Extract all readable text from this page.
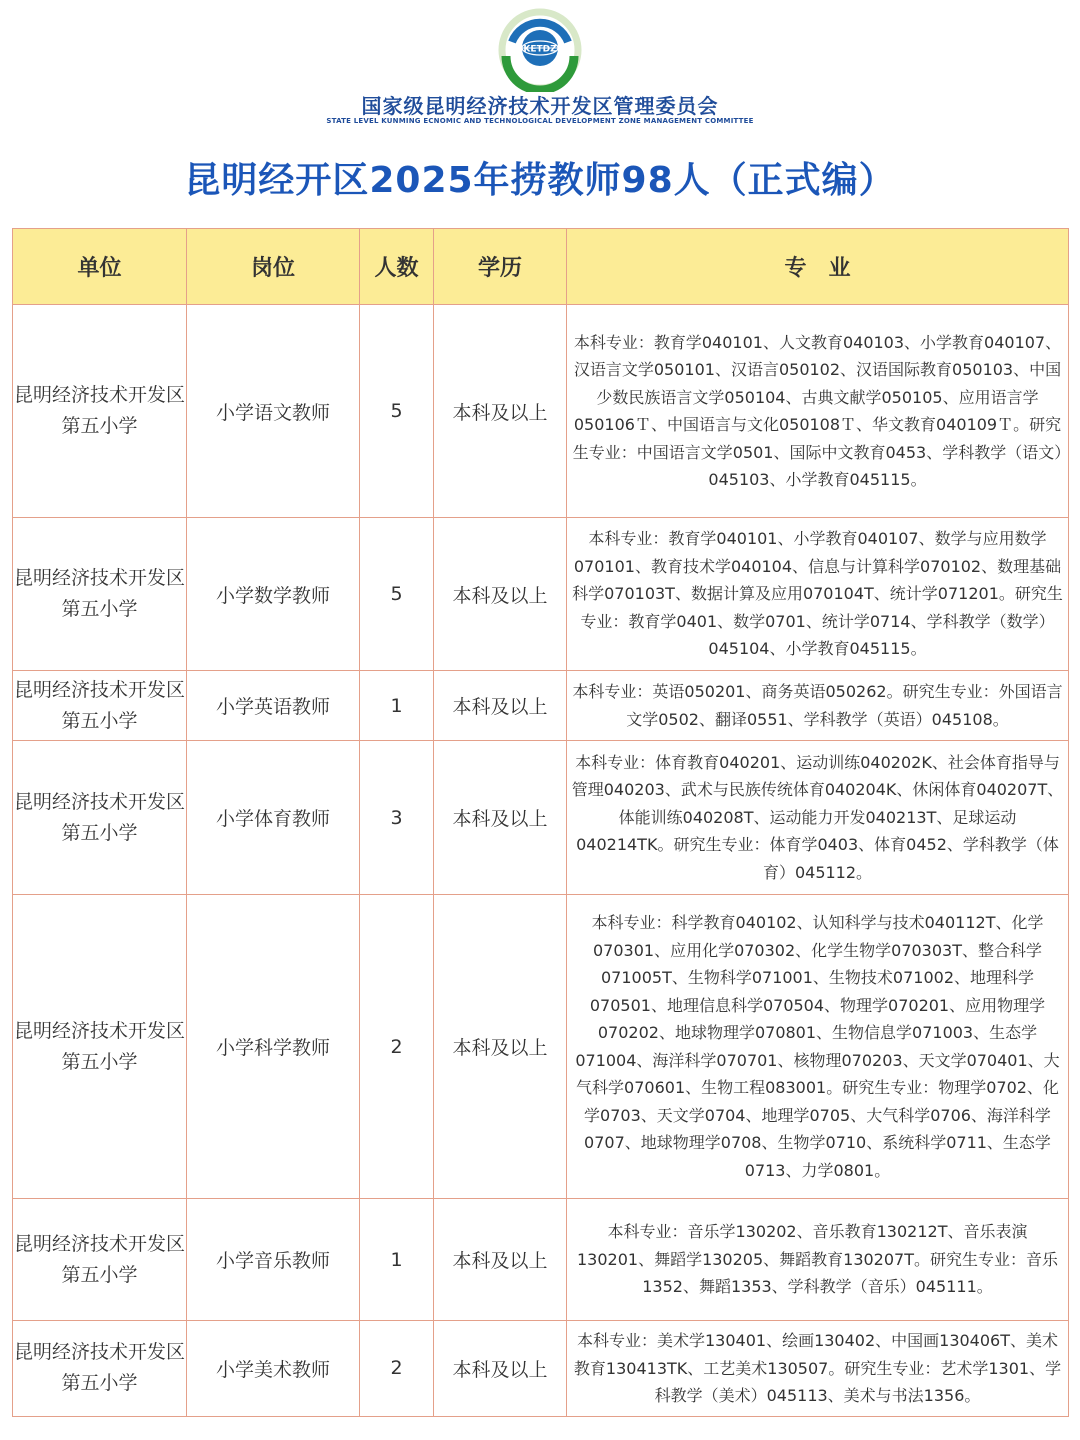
KETDZ
国家级昆明经济技术开发区管理委员会
STATE LEVEL KUNMING ECNOMIC AND TECHNOLOGICAL DEVELOPMENT ZONE MANAGEMENT COMMITTEE
昆明经开区2025年捞教师98人（正式编）
单位	岗位	人数	学历	专　业
昆明经济技术开发区第五小学	小学语文教师	5	本科及以上	本科专业：教育学040101、人文教育040103、小学教育040107、汉语言文学050101、汉语言050102、汉语国际教育050103、中国少数民族语言文学050104、古典文献学050105、应用语言学050106Ｔ、中国语言与文化050108Ｔ、华文教育040109Ｔ。研究生专业：中国语言文学0501、国际中文教育0453、学科教学（语文）045103、小学教育045115。
昆明经济技术开发区第五小学	小学数学教师	5	本科及以上	本科专业：教育学040101、小学教育040107、数学与应用数学070101、教育技术学040104、信息与计算科学070102、数理基础科学070103T、数据计算及应用070104T、统计学071201。研究生专业：教育学0401、数学0701、统计学0714、学科教学（数学）045104、小学教育045115。
昆明经济技术开发区第五小学	小学英语教师	1	本科及以上	本科专业：英语050201、商务英语050262。研究生专业：外国语言文学0502、翻译0551、学科教学（英语）045108。
昆明经济技术开发区第五小学	小学体育教师	3	本科及以上	本科专业：体育教育040201、运动训练040202K、社会体育指导与管理040203、武术与民族传统体育040204K、休闲体育040207T、体能训练040208T、运动能力开发040213T、足球运动040214TK。研究生专业：体育学0403、体育0452、学科教学（体育）045112。
昆明经济技术开发区第五小学	小学科学教师	2	本科及以上	本科专业：科学教育040102、认知科学与技术040112T、化学070301、应用化学070302、化学生物学070303T、整合科学071005T、生物科学071001、生物技术071002、地理科学070501、地理信息科学070504、物理学070201、应用物理学070202、地球物理学070801、生物信息学071003、生态学071004、海洋科学070701、核物理070203、天文学070401、大气科学070601、生物工程083001。研究生专业：物理学0702、化学0703、天文学0704、地理学0705、大气科学0706、海洋科学0707、地球物理学0708、生物学0710、系统科学0711、生态学0713、力学0801。
昆明经济技术开发区第五小学	小学音乐教师	1	本科及以上	本科专业：音乐学130202、音乐教育130212T、音乐表演130201、舞蹈学130205、舞蹈教育130207T。研究生专业：音乐1352、舞蹈1353、学科教学（音乐）045111。
昆明经济技术开发区第五小学	小学美术教师	2	本科及以上	本科专业：美术学130401、绘画130402、中国画130406T、美术教育130413TK、工艺美术130507。研究生专业：艺术学1301、学科教学（美术）045113、美术与书法1356。
